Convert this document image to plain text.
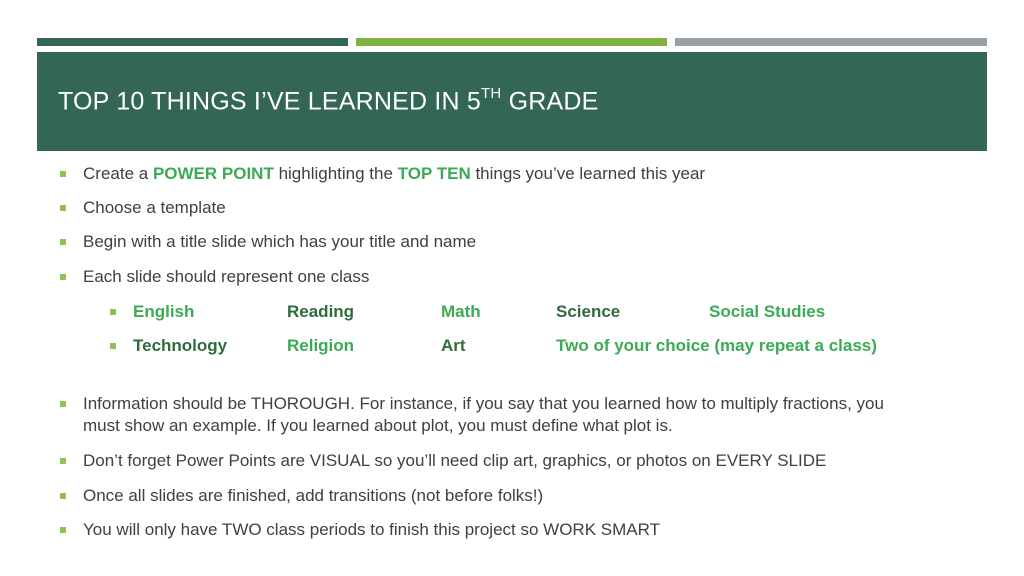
TOP 10 THINGS I’VE LEARNED IN 5TH GRADE
Create a POWER POINT highlighting the TOP TEN things you’ve learned this year
Choose a template
Begin with a title slide which has your title and name
Each slide should represent one class
English	Reading	Math	Science	Social Studies
Technology	Religion	Art	Two of your choice (may repeat a class)
Information should be THOROUGH. For instance, if you say that you learned how to multiply fractions, you must show an example. If you learned about plot, you must define what plot is.
Don’t forget Power Points are VISUAL so you’ll need clip art, graphics, or photos on EVERY SLIDE
Once all slides are finished, add transitions (not before folks!)
You will only have TWO class periods to finish this project so WORK SMART
